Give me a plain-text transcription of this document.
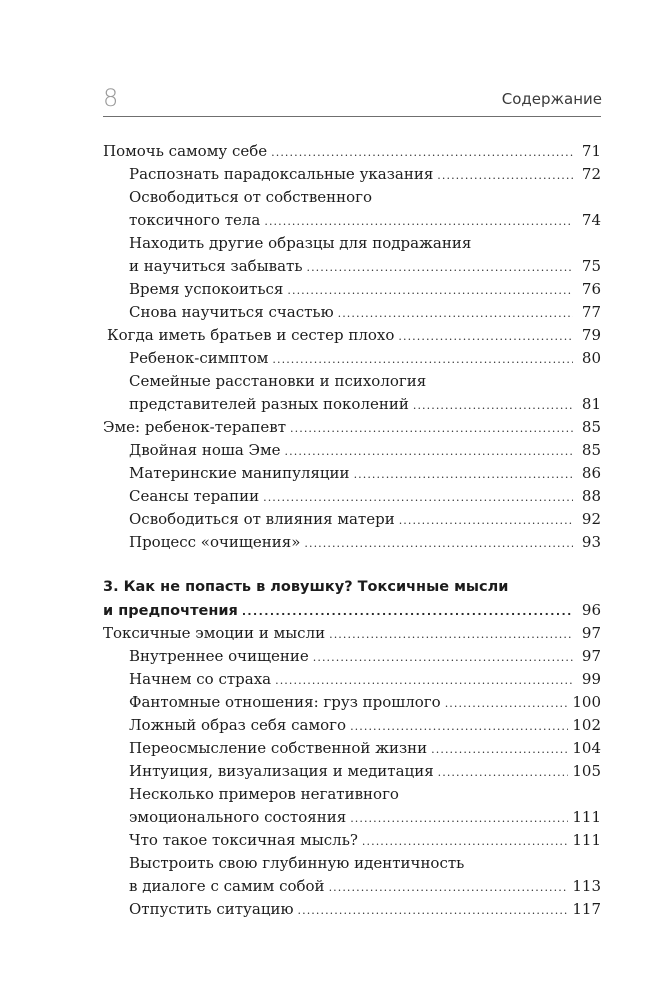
8	Содержание
Помочь самому себе . . .	71
Распознать парадоксальные указания . . .	72
Освободиться от собственного
токсичного тела . . .	74
Находить другие образцы для подражания
и научиться забывать . . .	75
Время успокоиться . . .	76
Снова научиться счастью . . .	77
Когда иметь братьев и сестер плохо . . .	79
Ребенок-симптом . . .	80
Семейные расстановки и психология
представителей разных поколений . . .	81
Эме: ребенок-терапевт . . .	85
Двойная ноша Эме . . .	85
Материнские манипуляции . . .	86
Сеансы терапии . . .	88
Освободиться от влияния матери . . .	92
Процесс «очищения» . . .	93
3. Как не попасть в ловушку? Токсичные мысли
и предпочтения . . .	96
Токсичные эмоции и мысли . . .	97
Внутреннее очищение . . .	97
Начнем со страха . . .	99
Фантомные отношения: груз прошлого . . .	100
Ложный образ себя самого . . .	102
Переосмысление собственной жизни . . .	104
Интуиция, визуализация и медитация . . .	105
Несколько примеров негативного
эмоционального состояния . . .	111
Что такое токсичная мысль? . . .	111
Выстроить свою глубинную идентичность
в диалоге с самим собой . . .	113
Отпустить ситуацию . . .	117
